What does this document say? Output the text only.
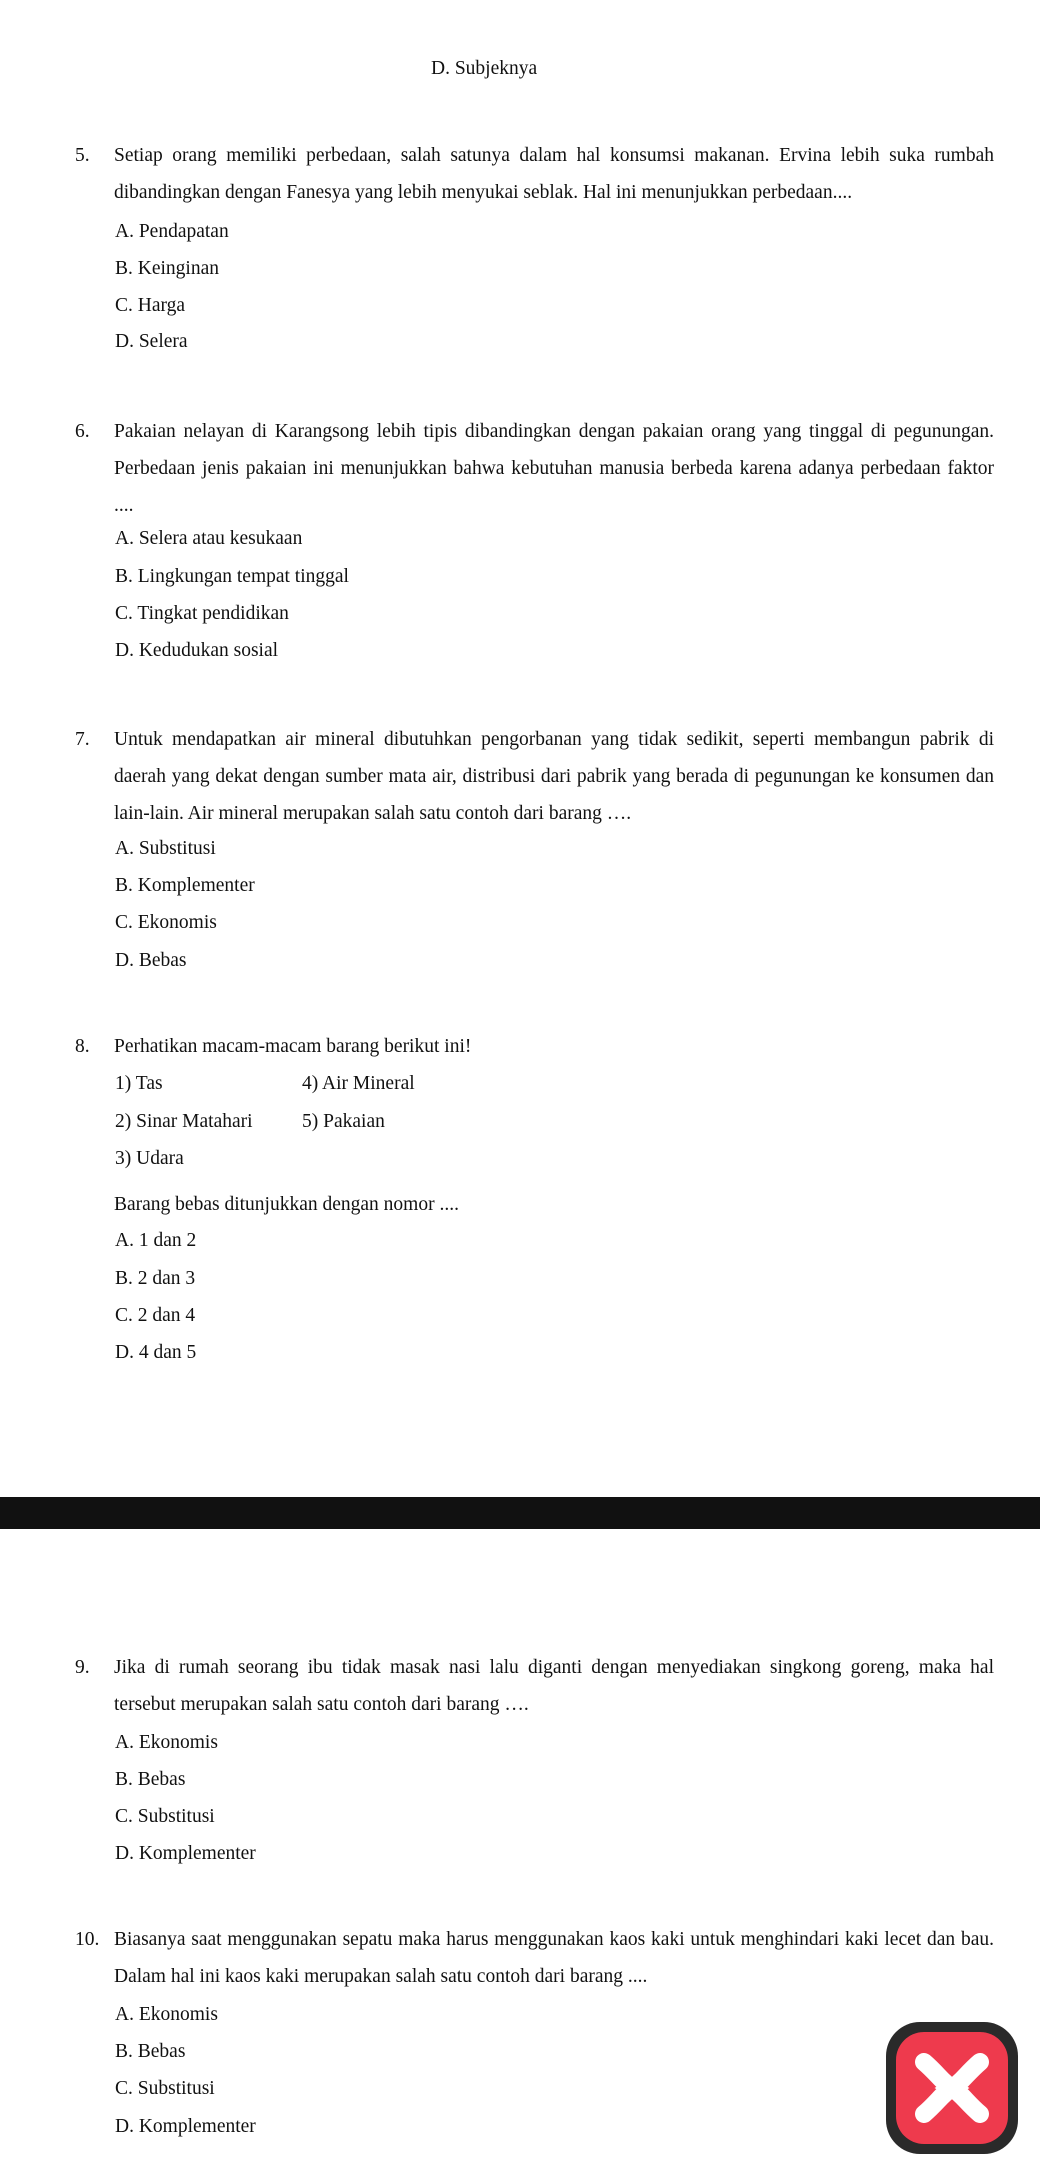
D. Subjeknya
5. Setiap orang memiliki perbedaan, salah satunya dalam hal konsumsi makanan. Ervina lebih suka rumbah dibandingkan dengan Fanesya yang lebih menyukai seblak. Hal ini menunjukkan perbedaan....
A. Pendapatan
B. Keinginan
C. Harga
D. Selera
6. Pakaian nelayan di Karangsong lebih tipis dibandingkan dengan pakaian orang yang tinggal di pegunungan. Perbedaan jenis pakaian ini menunjukkan bahwa kebutuhan manusia berbeda karena adanya perbedaan faktor ....
A. Selera atau kesukaan
B. Lingkungan tempat tinggal
C. Tingkat pendidikan
D. Kedudukan sosial
7. Untuk mendapatkan air mineral dibutuhkan pengorbanan yang tidak sedikit, seperti membangun pabrik di daerah yang dekat dengan sumber mata air, distribusi dari pabrik yang berada di pegunungan ke konsumen dan lain-lain. Air mineral merupakan salah satu contoh dari barang ….
A. Substitusi
B. Komplementer
C. Ekonomis
D. Bebas
8. Perhatikan macam-macam barang berikut ini!
1) Tas	4) Air Mineral
2) Sinar Matahari	5) Pakaian
3) Udara
Barang bebas ditunjukkan dengan nomor ....
A. 1 dan 2
B. 2 dan 3
C. 2 dan 4
D. 4 dan 5
9. Jika di rumah seorang ibu tidak masak nasi lalu diganti dengan menyediakan singkong goreng, maka hal tersebut merupakan salah satu contoh dari barang ….
A. Ekonomis
B. Bebas
C. Substitusi
D. Komplementer
10. Biasanya saat menggunakan sepatu maka harus menggunakan kaos kaki untuk menghindari kaki lecet dan bau. Dalam hal ini kaos kaki merupakan salah satu contoh dari barang ....
A. Ekonomis
B. Bebas
C. Substitusi
D. Komplementer
